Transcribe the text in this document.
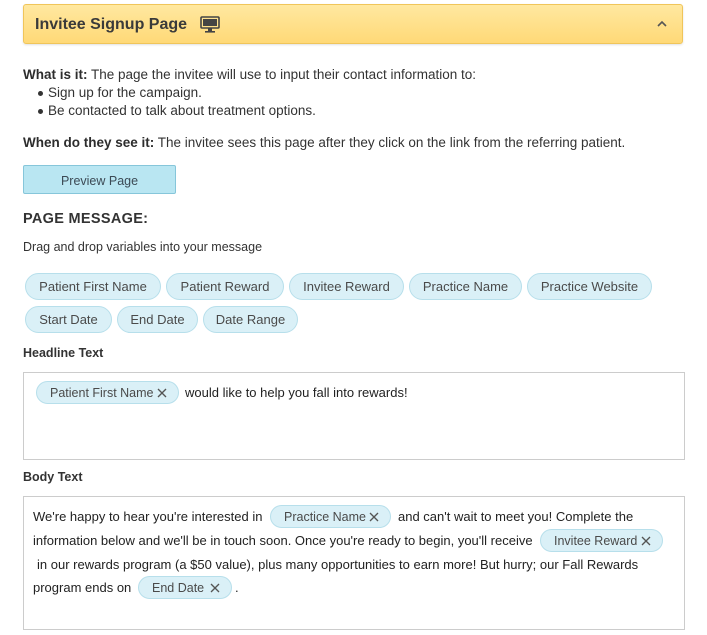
Invitee Signup Page
What is it: The page the invitee will use to input their contact information to:
Sign up for the campaign.
Be contacted to talk about treatment options.
When do they see it: The invitee sees this page after they click on the link from the referring patient.
Preview Page
PAGE MESSAGE:
Drag and drop variables into your message
Patient First Name	Patient Reward	Invitee Reward	Practice Name	Practice Website
Start Date	End Date	Date Range
Headline Text
Patient First Name would like to help you fall into rewards!
Body Text
We're happy to hear you're interested in Practice Name and can't wait to meet you! Complete the
information below and we'll be in touch soon. Once you're ready to begin, you'll receive Invitee Reward
in our rewards program (a $50 value), plus many opportunities to earn more! But hurry; our Fall Rewards
program ends on End Date .
